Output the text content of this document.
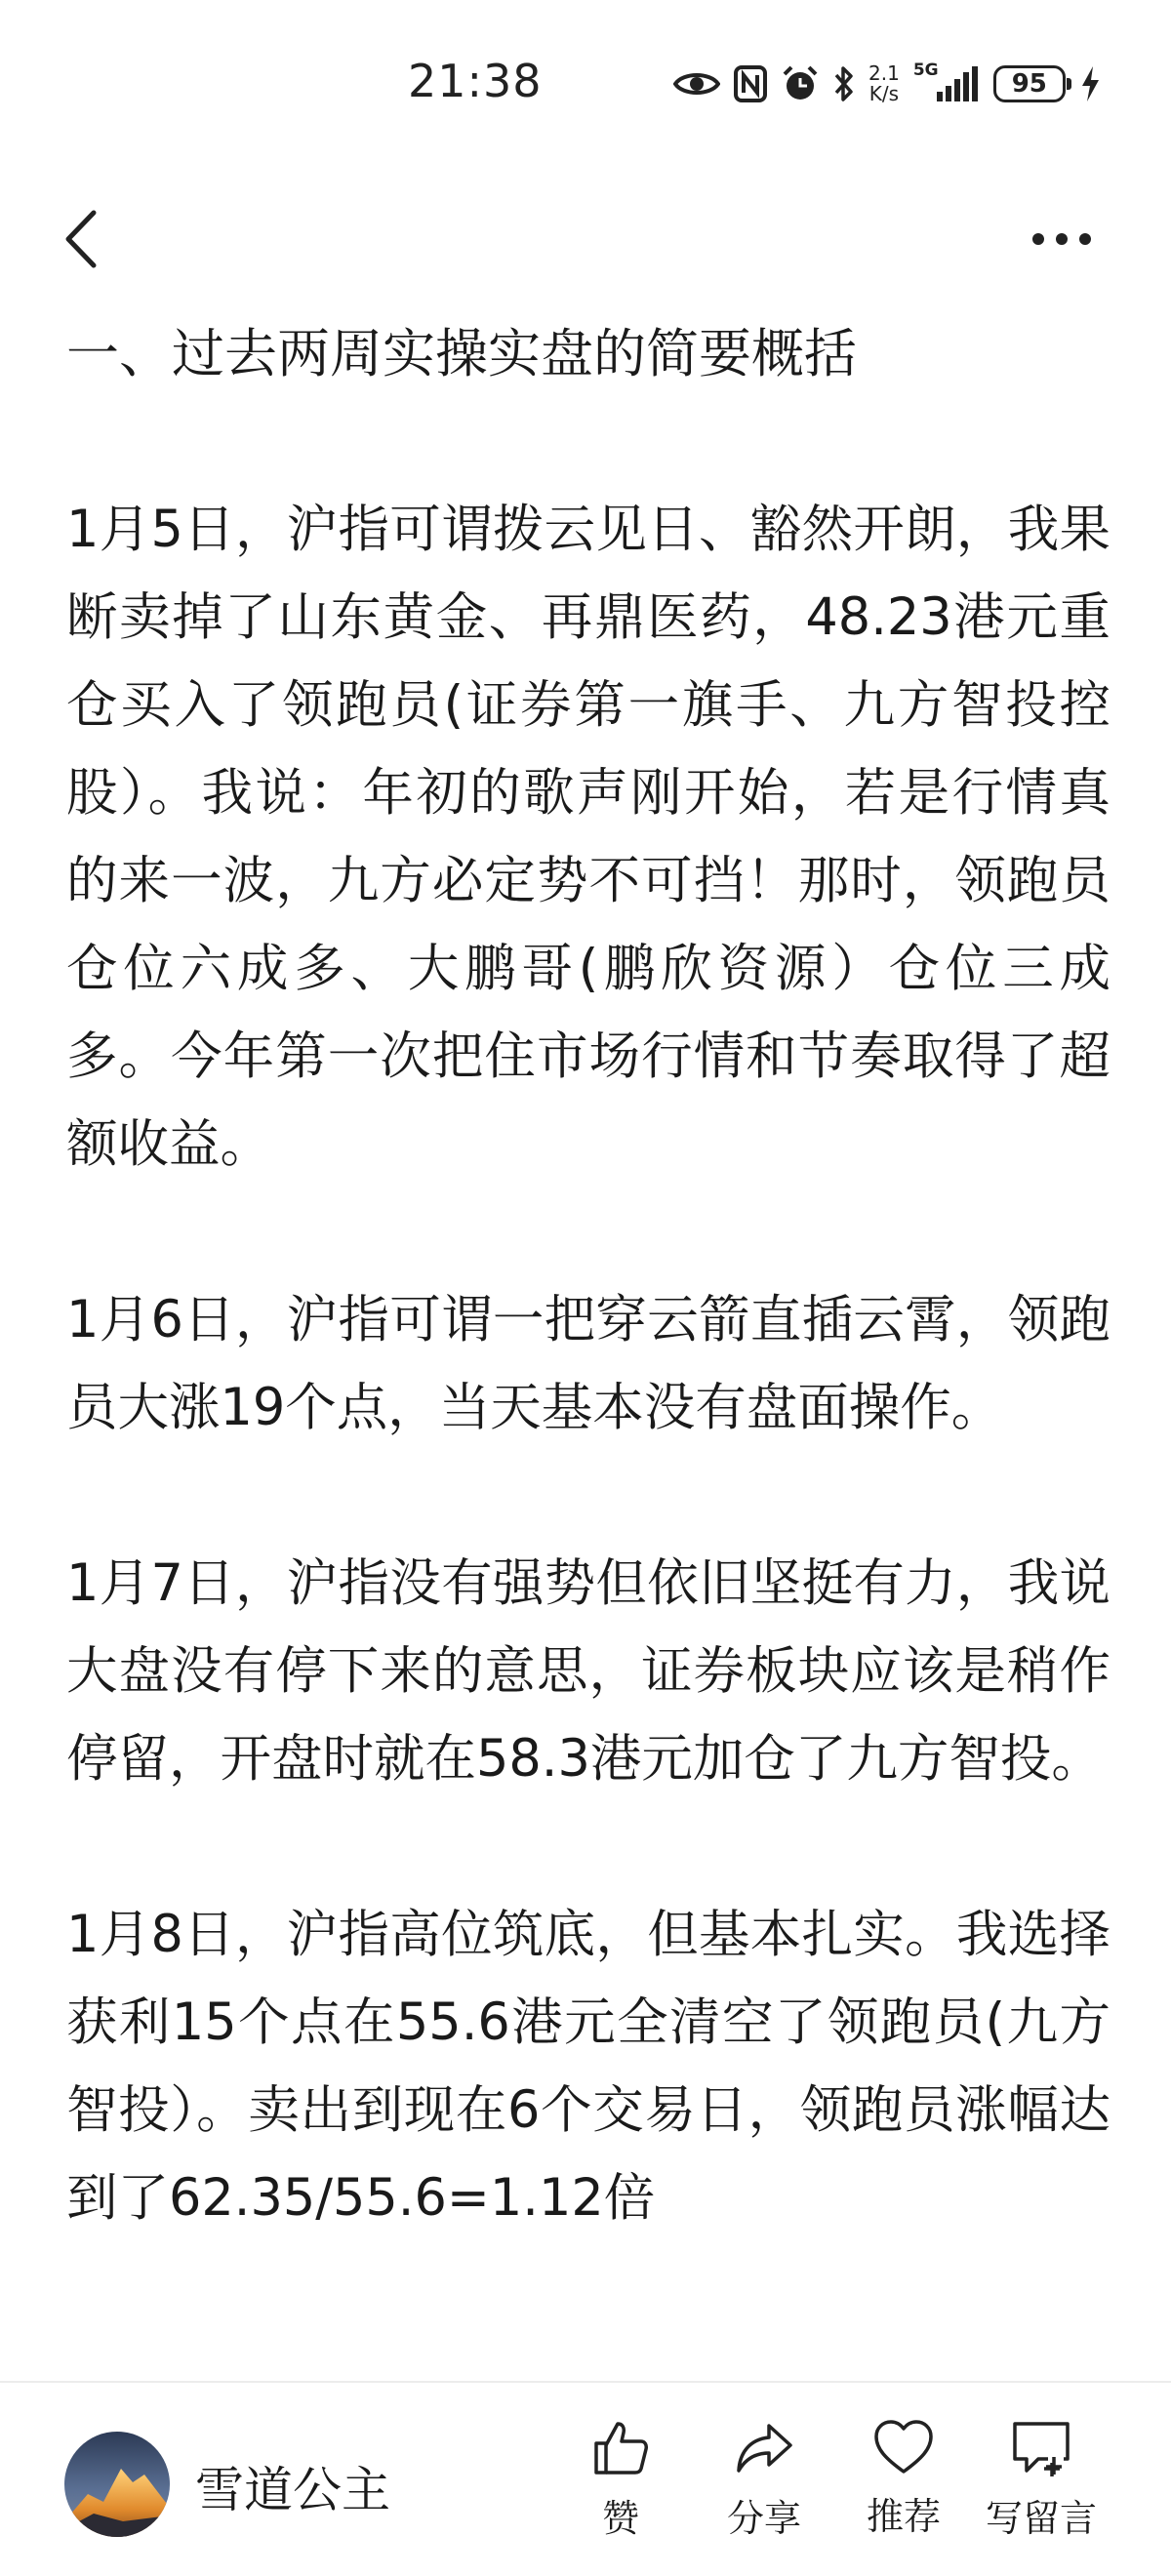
21:38	2.1
K/s
5G	95
一、过去两周实操实盘的简要概括

1月5日，沪指可谓拨云见日、豁然开朗，我果断卖掉了山东黄金、再鼎医药，48.23港元重仓买入了领跑员(证券第一旗手、九方智投控股）。我说：年初的歌声刚开始，若是行情真的来一波，九方必定势不可挡！那时，领跑员仓位六成多、大鹏哥(鹏欣资源）仓位三成多。今年第一次把住市场行情和节奏取得了超额收益。

1月6日，沪指可谓一把穿云箭直插云霄，领跑员大涨19个点，当天基本没有盘面操作。

1月7日，沪指没有强势但依旧坚挺有力，我说大盘没有停下来的意思，证券板块应该是稍作停留，开盘时就在58.3港元加仓了九方智投。

1月8日，沪指高位筑底，但基本扎实。我选择获利15个点在55.6港元全清空了领跑员(九方智投）。卖出到现在6个交易日，领跑员涨幅达到了62.35/55.6=1.12倍

雪道公主	赞 分享 推荐 写留言
